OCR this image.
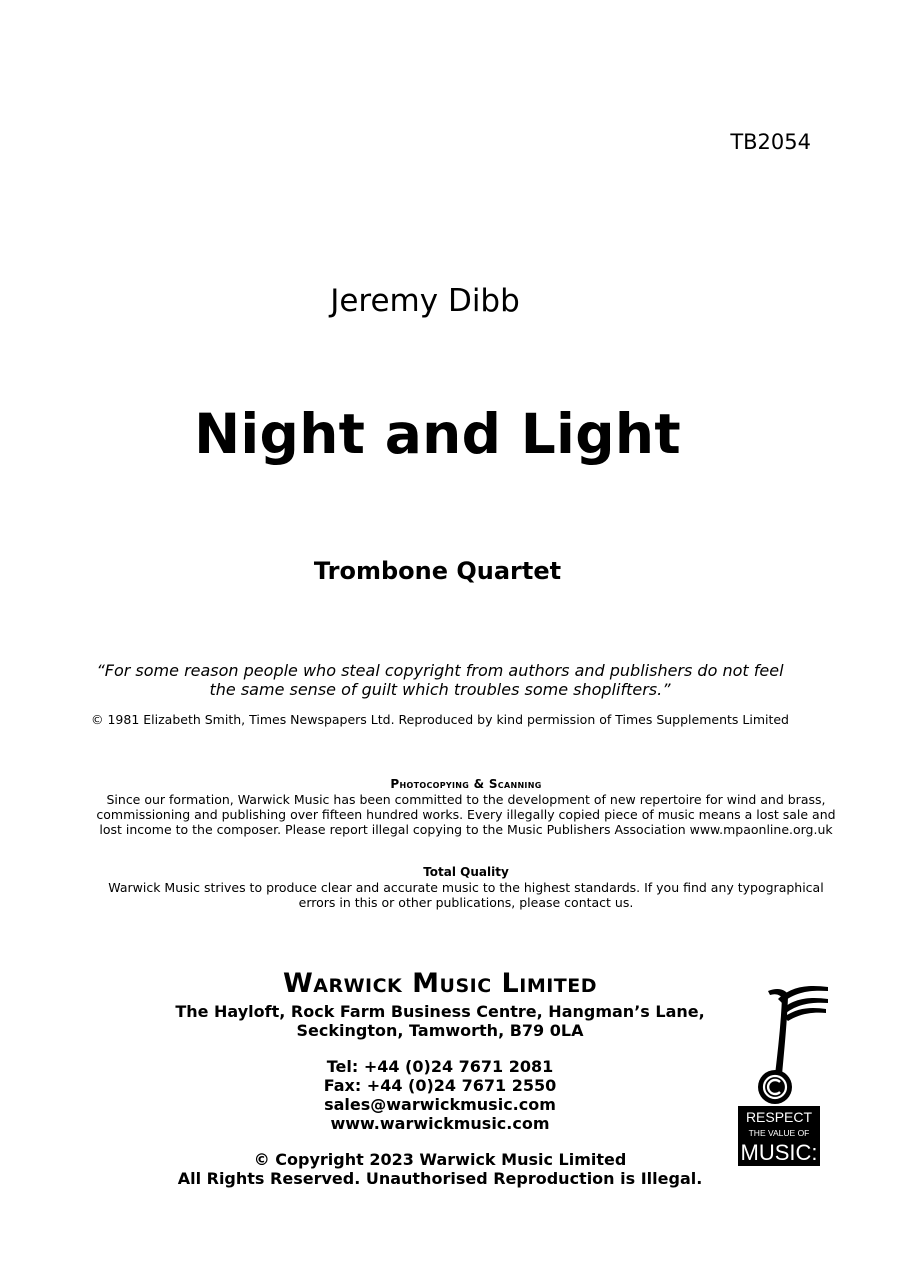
TB2054
Jeremy Dibb
Night and Light
Trombone Quartet
“For some reason people who steal copyright from authors and publishers do not feel
the same sense of guilt which troubles some shoplifters.”
© 1981 Elizabeth Smith, Times Newspapers Ltd. Reproduced by kind permission of Times Supplements Limited
Photocopying & Scanning
Since our formation, Warwick Music has been committed to the development of new repertoire for wind and brass,
commissioning and publishing over fifteen hundred works. Every illegally copied piece of music means a lost sale and
lost income to the composer. Please report illegal copying to the Music Publishers Association www.mpaonline.org.uk
Total Quality
Warwick Music strives to produce clear and accurate music to the highest standards. If you find any typographical
errors in this or other publications, please contact us.
Warwick Music Limited
The Hayloft, Rock Farm Business Centre, Hangman’s Lane,
Seckington, Tamworth, B79 0LA
Tel: +44 (0)24 7671 2081
Fax: +44 (0)24 7671 2550
sales@warwickmusic.com
www.warwickmusic.com
© Copyright 2023 Warwick Music Limited
All Rights Reserved. Unauthorised Reproduction is Illegal.
RESPECT
THE VALUE OF
MUSIC:
